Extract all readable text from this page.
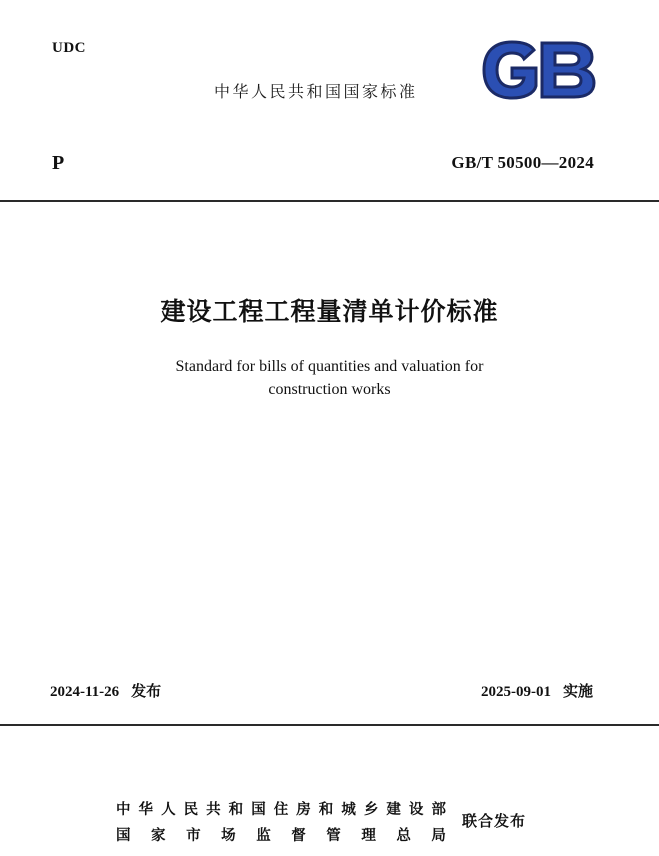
UDC
中华人民共和国国家标准
P	GB/T 50500—2024
建设工程工程量清单计价标准
Standard for bills of quantities and valuation for
construction works
2024-11-26 发布	2025-09-01 实施
中 华 人 民 共 和 国 住 房 和 城 乡 建 设 部
国 家 市 场 监 督 管 理 总 局
联合发布
